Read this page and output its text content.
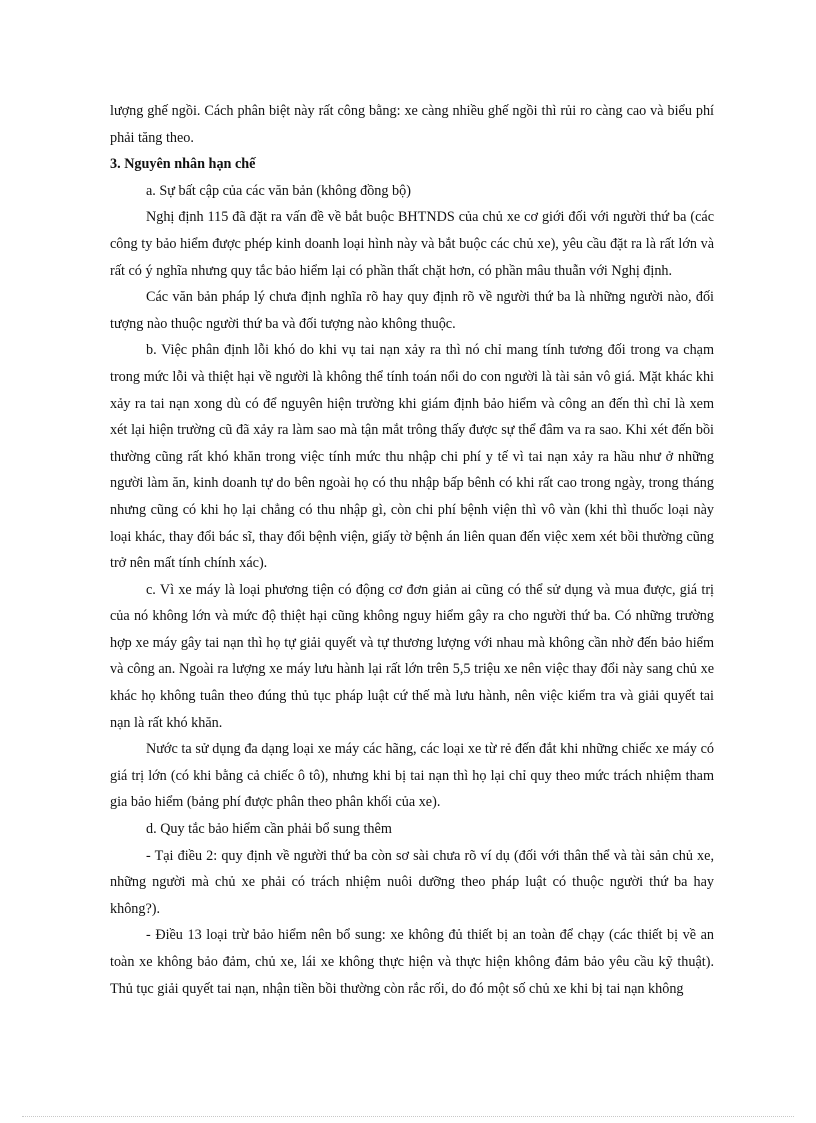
lượng ghế ngồi. Cách phân biệt này rất công bằng: xe càng nhiều ghế ngồi thì rủi ro càng cao và biểu phí phải tăng theo.

3. Nguyên nhân hạn chế

a. Sự bất cập của các văn bản (không đồng bộ)

Nghị định 115 đã đặt ra vấn đề về bắt buộc BHTNDS của chủ xe cơ giới đối với người thứ ba (các công ty bảo hiểm được phép kinh doanh loại hình này và bắt buộc các chủ xe), yêu cầu đặt ra là rất lớn và rất có ý nghĩa nhưng quy tắc bảo hiểm lại có phần thất chặt hơn, có phần mâu thuẫn với Nghị định.

Các văn bản pháp lý chưa định nghĩa rõ hay quy định rõ về người thứ ba là những người nào, đối tượng nào thuộc người thứ ba và đối tượng nào không thuộc.

b. Việc phân định lỗi khó do khi vụ tai nạn xảy ra thì nó chỉ mang tính tương đối trong va chạm trong mức lỗi và thiệt hại về người là không thể tính toán nổi do con người là tài sản vô giá. Mặt khác khi xảy ra tai nạn xong dù có để nguyên hiện trường khi giám định bảo hiểm và công an đến thì chỉ là xem xét lại hiện trường cũ đã xảy ra làm sao mà tận mắt trông thấy được sự thể đâm va ra sao. Khi xét đến bồi thường cũng rất khó khăn trong việc tính mức thu nhập chi phí y tế vì tai nạn xảy ra hầu như ở những người làm ăn, kinh doanh tự do bên ngoài họ có thu nhập bấp bênh có khi rất cao trong ngày, trong tháng nhưng cũng có khi họ lại chẳng có thu nhập gì, còn chi phí bệnh viện thì vô vàn (khi thì thuốc loại này loại khác, thay đổi bác sĩ, thay đổi bệnh viện, giấy tờ bệnh án liên quan đến việc xem xét bồi thường cũng trở nên mất tính chính xác).

c. Vì xe máy là loại phương tiện có động cơ đơn giản ai cũng có thể sử dụng và mua được, giá trị của nó không lớn và mức độ thiệt hại cũng không nguy hiểm gây ra cho người thứ ba. Có những trường hợp xe máy gây tai nạn thì họ tự giải quyết và tự thương lượng với nhau mà không cần nhờ đến bảo hiểm và công an. Ngoài ra lượng xe máy lưu hành lại rất lớn trên 5,5 triệu xe nên việc thay đổi này sang chủ xe khác họ không tuân theo đúng thủ tục pháp luật cứ thế mà lưu hành, nên việc kiểm tra và giải quyết tai nạn là rất khó khăn.

Nước ta sử dụng đa dạng loại xe máy các hãng, các loại xe từ rẻ đến đắt khi những chiếc xe máy có giá trị lớn (có khi bằng cả chiếc ô tô), nhưng khi bị tai nạn thì họ lại chỉ quy theo mức trách nhiệm tham gia bảo hiểm (bảng phí được phân theo phân khối của xe).

d. Quy tắc bảo hiểm cần phải bổ sung thêm

- Tại điều 2: quy định về người thứ ba còn sơ sài chưa rõ ví dụ (đối với thân thể và tài sản chủ xe, những người mà chủ xe phải có trách nhiệm nuôi dưỡng theo pháp luật có thuộc người thứ ba hay không?).

- Điều 13 loại trừ bảo hiểm nên bổ sung: xe không đủ thiết bị an toàn để chạy (các thiết bị về an toàn xe không bảo đảm, chủ xe, lái xe không thực hiện và thực hiện không đảm bảo yêu cầu kỹ thuật). Thủ tục giải quyết tai nạn, nhận tiền bồi thường còn rắc rối, do đó một số chủ xe khi bị tai nạn không
